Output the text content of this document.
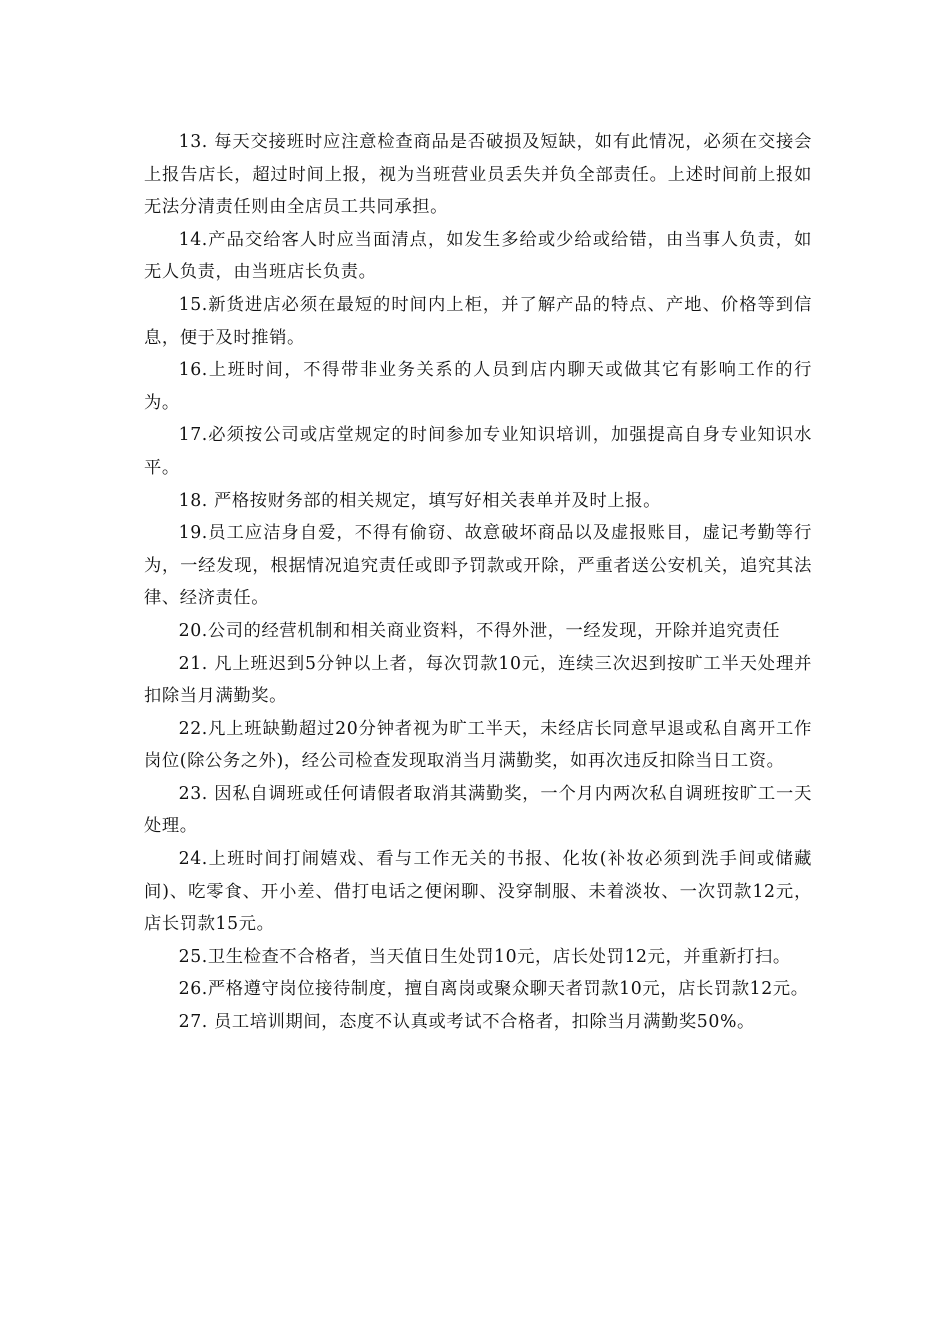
13. 每天交接班时应注意检查商品是否破损及短缺，如有此情况，必须在交接会上报告店长，超过时间上报，视为当班营业员丢失并负全部责任。上述时间前上报如无法分清责任则由全店员工共同承担。

14.产品交给客人时应当面清点，如发生多给或少给或给错，由当事人负责，如无人负责，由当班店长负责。

15.新货进店必须在最短的时间内上柜，并了解产品的特点、产地、价格等到信息，便于及时推销。

16.上班时间，不得带非业务关系的人员到店内聊天或做其它有影响工作的行为。

17.必须按公司或店堂规定的时间参加专业知识培训，加强提高自身专业知识水平。

18. 严格按财务部的相关规定，填写好相关表单并及时上报。

19.员工应洁身自爱，不得有偷窃、故意破坏商品以及虚报账目，虚记考勤等行为，一经发现，根据情况追究责任或即予罚款或开除，严重者送公安机关，追究其法律、经济责任。

20.公司的经营机制和相关商业资料，不得外泄，一经发现，开除并追究责任

21. 凡上班迟到5分钟以上者，每次罚款10元，连续三次迟到按旷工半天处理并扣除当月满勤奖。

22.凡上班缺勤超过20分钟者视为旷工半天，未经店长同意早退或私自离开工作岗位(除公务之外)，经公司检查发现取消当月满勤奖，如再次违反扣除当日工资。

23. 因私自调班或任何请假者取消其满勤奖，一个月内两次私自调班按旷工一天处理。

24.上班时间打闹嬉戏、看与工作无关的书报、化妆(补妆必须到洗手间或储藏间)、吃零食、开小差、借打电话之便闲聊、没穿制服、未着淡妆、一次罚款12元，店长罚款15元。

25.卫生检查不合格者，当天值日生处罚10元，店长处罚12元，并重新打扫。

26.严格遵守岗位接待制度，擅自离岗或聚众聊天者罚款10元，店长罚款12元。

27. 员工培训期间，态度不认真或考试不合格者，扣除当月满勤奖50%。
